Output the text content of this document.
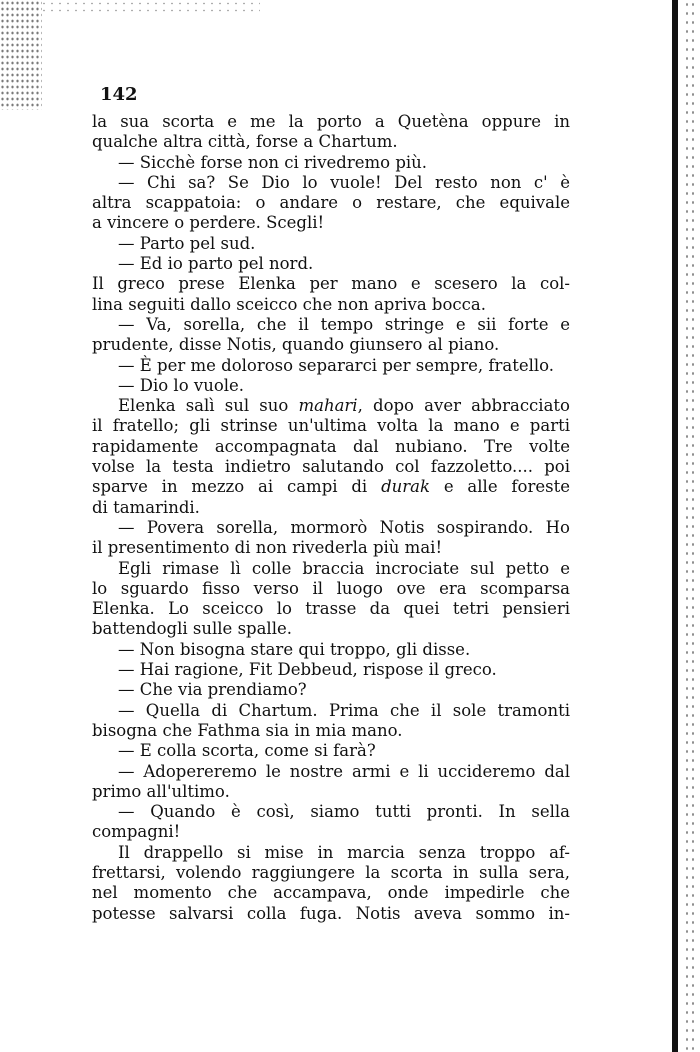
142
la sua scorta e me la porto a Quetèna oppure in
qualche altra città, forse a Chartum.
— Sicchè forse non ci rivedremo più.
— Chi sa? Se Dio lo vuole! Del resto non c' è
altra scappatoia: o andare o restare, che equivale
a vincere o perdere. Scegli!
— Parto pel sud.
— Ed io parto pel nord.
Il greco prese Elenka per mano e scesero la col-
lina seguiti dallo sceicco che non apriva bocca.
— Va, sorella, che il tempo stringe e sii forte e
prudente, disse Notis, quando giunsero al piano.
— È per me doloroso separarci per sempre, fratello.
— Dio lo vuole.
Elenka salì sul suo mahari, dopo aver abbracciato
il fratello; gli strinse un'ultima volta la mano e parti
rapidamente accompagnata dal nubiano. Tre volte
volse la testa indietro salutando col fazzoletto.... poi
sparve in mezzo ai campi di durak e alle foreste
di tamarindi.
— Povera sorella, mormorò Notis sospirando. Ho
il presentimento di non rivederla più mai!
Egli rimase lì colle braccia incrociate sul petto e
lo sguardo fisso verso il luogo ove era scomparsa
Elenka. Lo sceicco lo trasse da quei tetri pensieri
battendogli sulle spalle.
— Non bisogna stare qui troppo, gli disse.
— Hai ragione, Fit Debbeud, rispose il greco.
— Che via prendiamo?
— Quella di Chartum. Prima che il sole tramonti
bisogna che Fathma sia in mia mano.
— E colla scorta, come si farà?
— Adopereremo le nostre armi e li uccideremo dal
primo all'ultimo.
— Quando è così, siamo tutti pronti. In sella
compagni!
Il drappello si mise in marcia senza troppo af-
frettarsi, volendo raggiungere la scorta in sulla sera,
nel momento che accampava, onde impedirle che
potesse salvarsi colla fuga. Notis aveva sommo in-
